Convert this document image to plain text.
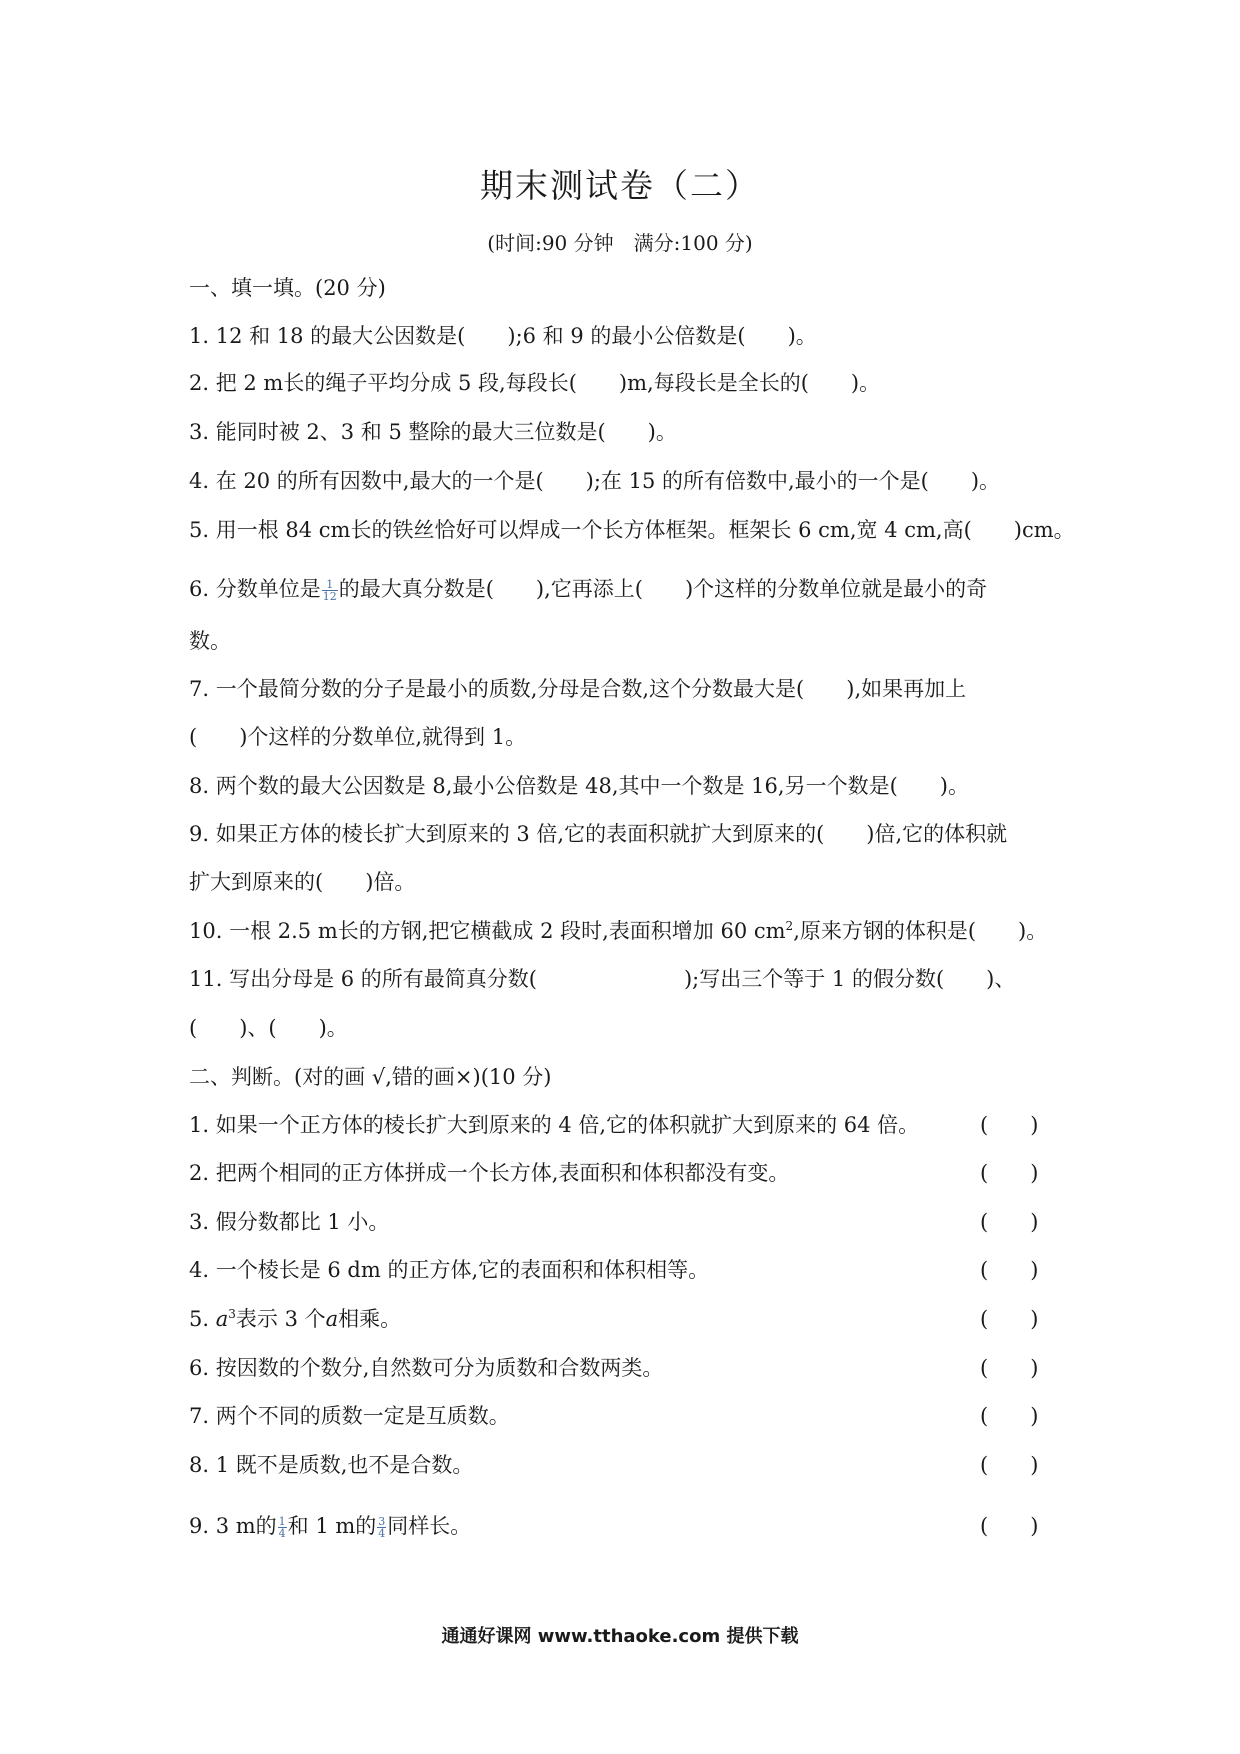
期末测试卷（二）
(时间:90 分钟　满分:100 分)
一、填一填。(20 分)
1. 12 和 18 的最大公因数是(　　);6 和 9 的最小公倍数是(　　)。
2. 把 2 m长的绳子平均分成 5 段,每段长(　　)m,每段长是全长的(　　)。
3. 能同时被 2、3 和 5 整除的最大三位数是(　　)。
4. 在 20 的所有因数中,最大的一个是(　　);在 15 的所有倍数中,最小的一个是(　　)。
5. 用一根 84 cm长的铁丝恰好可以焊成一个长方体框架。框架长 6 cm,宽 4 cm,高(　　)cm。
6. 分数单位是 $\frac{1}{12}$ 的最大真分数是(　　),它再添上(　　)个这样的分数单位就是最小的奇
数。
7. 一个最简分数的分子是最小的质数,分母是合数,这个分数最大是(　　),如果再加上
(　　)个这样的分数单位,就得到 1。
8. 两个数的最大公因数是 8,最小公倍数是 48,其中一个数是 16,另一个数是(　　)。
9. 如果正方体的棱长扩大到原来的 3 倍,它的表面积就扩大到原来的(　　)倍,它的体积就
扩大到原来的(　　)倍。
10. 一根 2.5 m长的方钢,把它横截成 2 段时,表面积增加 60 $cm^2$,原来方钢的体积是(　　)。
11. 写出分母是 6 的所有最简真分数(　　　　　　　);写出三个等于 1 的假分数(　　)、
(　　)、(　　)。
二、判断。(对的画 √,错的画×)(10 分)
1. 如果一个正方体的棱长扩大到原来的 4 倍,它的体积就扩大到原来的 64 倍。	(　　)
2. 把两个相同的正方体拼成一个长方体,表面积和体积都没有变。	(　　)
3. 假分数都比 1 小。	(　　)
4. 一个棱长是 6 dm 的正方体,它的表面积和体积相等。	(　　)
5. $a^3$表示 3 个a相乘。	(　　)
6. 按因数的个数分,自然数可分为质数和合数两类。	(　　)
7. 两个不同的质数一定是互质数。	(　　)
8. 1 既不是质数,也不是合数。	(　　)
9. 3 m的 $\frac{1}{4}$ 和 1 m的 $\frac{3}{4}$ 同样长。	(　　)
通通好课网 www.tthaoke.com 提供下载
